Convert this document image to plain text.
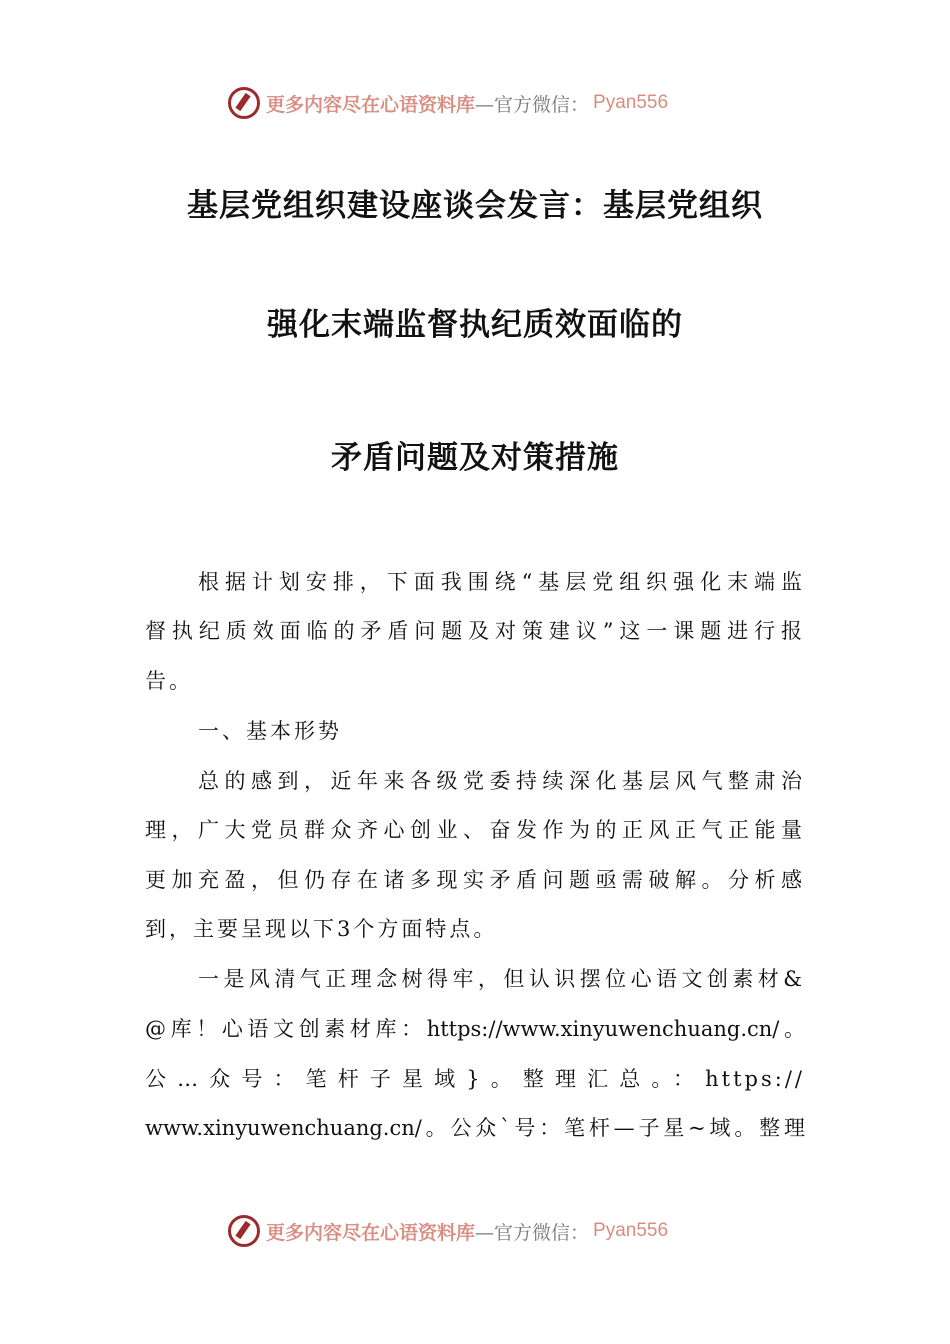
更多内容尽在心语资料库 —官方微信： Pyan556
基层党组织建设座谈会发言：基层党组织
强化末端监督执纪质效面临的
矛盾问题及对策措施
根据计划安排，下面我围绕“基层党组织强化末端监
督执纪质效面临的矛盾问题及对策建议”这一课题进行报
告。
一、基本形势
总的感到，近年来各级党委持续深化基层风气整肃治
理，广大党员群众齐心创业、奋发作为的正风正气正能量
更加充盈，但仍存在诸多现实矛盾问题亟需破解。分析感
到，主要呈现以下3个方面特点。
一是风清气正理念树得牢，但认识摆位心语文创素材&
@库！心语文创素材库：https://www.xinyuwenchuang.cn/。
公…众号：笔杆子星域}。整理汇总。：https://
www.xinyuwenchuang.cn/。公众`号：笔杆—子星~域。整理
更多内容尽在心语资料库 —官方微信： Pyan556
